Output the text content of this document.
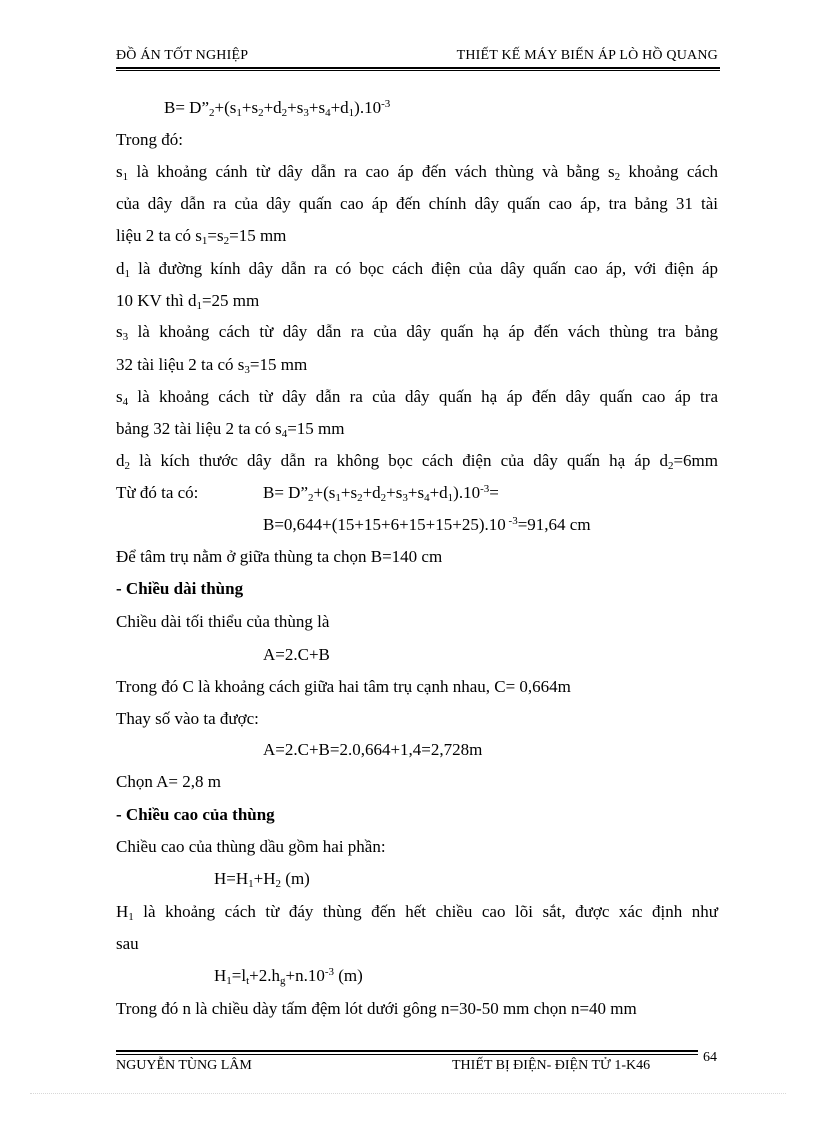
ĐỒ ÁN TỐT NGHIỆP	THIẾT KẾ MÁY BIẾN ÁP LÒ HỒ QUANG
$B= D”_2+(s_1+s_2+d_2+s_3+s_4+d_1).10^{-3}$
Trong đó:
$s_1$ là khoảng cánh từ dây dẫn ra cao áp đến vách thùng và bằng $s_2$ khoảng cách
của dây dẫn ra của dây quấn cao áp đến chính dây quấn cao áp, tra bảng 31 tài
liệu 2 ta có $s_1=s_2=15$ mm
$d_1$ là đường kính dây dẫn ra có bọc cách điện của dây quấn cao áp, với điện áp
10 KV thì $d_1=25$ mm
$s_3$ là khoảng cách từ dây dẫn ra của dây quấn hạ áp đến vách thùng tra bảng
32 tài liệu 2 ta có $s_3=15$ mm
$s_4$ là khoảng cách từ dây dẫn ra của dây quấn hạ áp đến dây quấn cao áp tra
bảng 32 tài liệu 2 ta có $s_4=15$ mm
$d_2$ là kích thước dây dẫn ra không bọc cách điện của dây quấn hạ áp $d_2=6mm$
Từ đó ta có:	$B= D”_2+(s_1+s_2+d_2+s_3+s_4+d_1).10^{-3}=$
B=0,644+(15+15+6+15+15+25).10 $^{-3}$=91,64 cm
Để tâm trụ nằm ở giữa thùng ta chọn B=140 cm
- Chiều dài thùng
Chiều dài tối thiểu của thùng là
A=2.C+B
Trong đó C là khoảng cách giữa hai tâm trụ cạnh nhau, C= 0,664m
Thay số vào ta được:
A=2.C+B=2.0,664+1,4=2,728m
Chọn A= 2,8 m
- Chiều cao của thùng
Chiều cao của thùng dầu gồm hai phần:
$H=H_1+H_2$ (m)
$H_1$ là khoảng cách từ đáy thùng đến hết chiều cao lõi sắt, được xác định như
sau
$H_1=l_t+2.h_g+n.10^{-3}$ (m)
Trong đó n là chiều dày tấm đệm lót dưới gông n=30-50 mm chọn n=40 mm
NGUYỄN TÙNG LÂM	THIẾT BỊ ĐIỆN- ĐIỆN TỬ 1-K46
64
